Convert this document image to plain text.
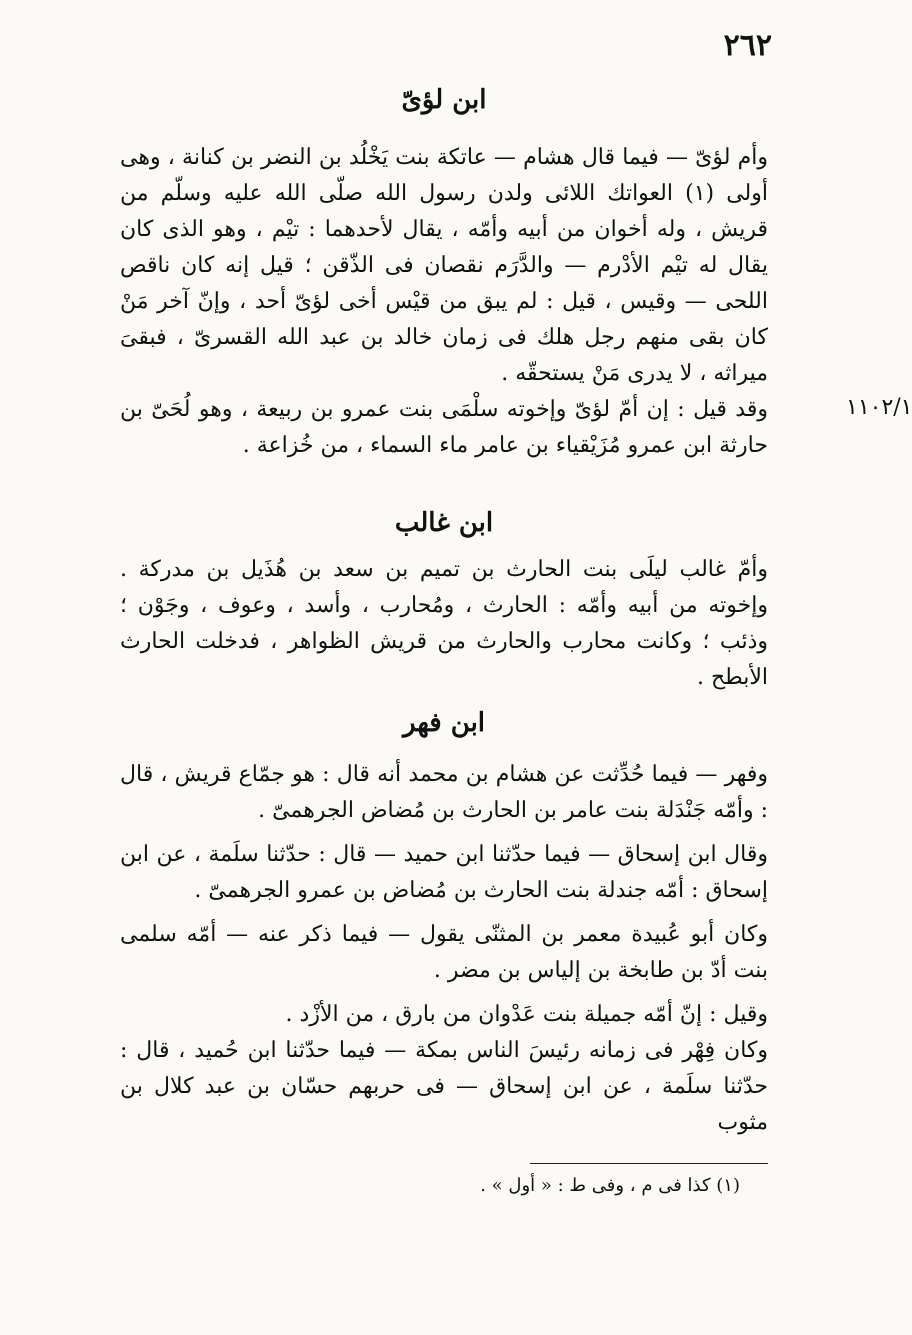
٢٦٢
ابن لؤىّ

وأم لؤىّ — فيما قال هشام — عاتكة بنت يَخْلُد بن النضر بن كنانة ، وهى أولى (١) العواتك اللائى ولدن رسول الله صلّى الله عليه وسلّم من قريش ، وله أخوان من أبيه وأمّه ، يقال لأحدهما : تيْم ، وهو الذى كان يقال له تيْم الأدْرم — والدَّرَم نقصان فى الذّقن ؛ قيل إنه كان ناقص اللحى — وقيس ، قيل : لم يبق من قيْس أخى لؤىّ أحد ، وإنّ آخر مَنْ كان بقى منهم رجل هلك فى زمان خالد بن عبد الله القسرىّ ، فبقىَ ميراثه ، لا يدرى مَنْ يستحقّه .

وقد قيل : إن أمّ لؤىّ وإخوته سلْمَى بنت عمرو بن ربيعة ، وهو لُحَىّ بن حارثة ابن عمرو مُزَيْقياء بن عامر ماء السماء ، من خُزاعة .

١١٠٢/١
ابن غالب

وأمّ غالب ليلَى بنت الحارث بن تميم بن سعد بن هُذَيل بن مدركة . وإخوته من أبيه وأمّه : الحارث ، ومُحارب ، وأسد ، وعوف ، وجَوْن ؛ وذئب ؛ وكانت محارب والحارث من قريش الظواهر ، فدخلت الحارث الأبطح .

ابن فهر

وفهر — فيما حُدِّثت عن هشام بن محمد أنه قال : هو جمّاع قريش ، قال : وأمّه جَنْدَلة بنت عامر بن الحارث بن مُضاض الجرهمىّ .

وقال ابن إسحاق — فيما حدّثنا ابن حميد — قال : حدّثنا سلَمة ، عن ابن إسحاق : أمّه جندلة بنت الحارث بن مُضاض بن عمرو الجرهمىّ .

وكان أبو عُبيدة معمر بن المثنّى يقول — فيما ذكر عنه — أمّه سلمى بنت أدّ بن طابخة بن إلياس بن مضر .

وقيل : إنّ أمّه جميلة بنت عَدْوان من بارق ، من الأزْد .

وكان فِهْر فى زمانه رئيسَ الناس بمكة — فيما حدّثنا ابن حُميد ، قال : حدّثنا سلَمة ، عن ابن إسحاق — فى حربهم حسّان بن عبد كلال بن مثوب

(١) كذا فى م ، وفى ط : « أول » .
